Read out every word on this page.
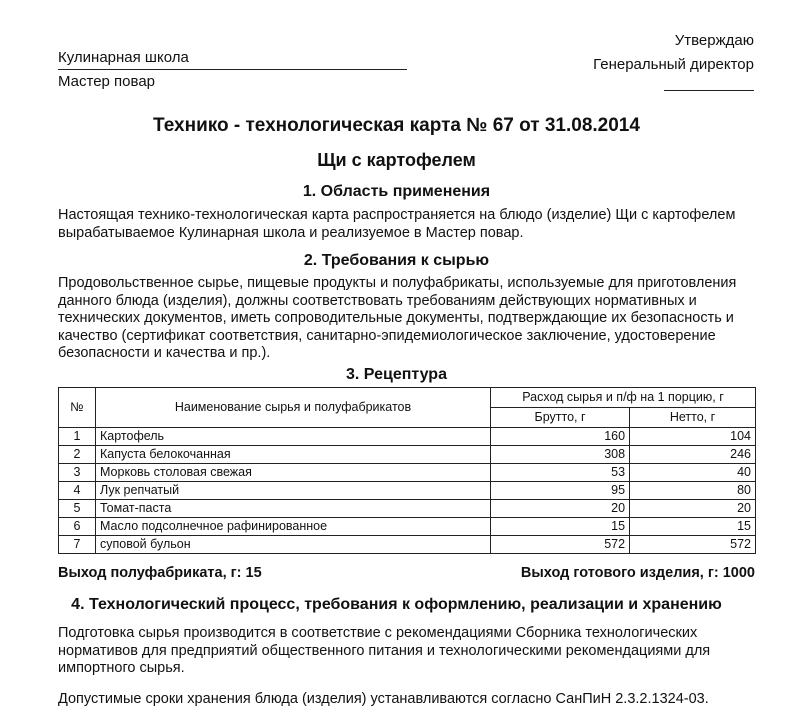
Кулинарная школа
Мастер повар
Утверждаю
Генеральный директор
Технико - технологическая карта № 67 от 31.08.2014
Щи с картофелем
1. Область применения
Настоящая технико-технологическая карта распространяется на блюдо (изделие) Щи с картофелем вырабатываемое Кулинарная школа и реализуемое в Мастер повар.
2. Требования к сырью
Продовольственное сырье, пищевые продукты и полуфабрикаты, используемые для приготовления данного блюда (изделия), должны соответствовать требованиям действующих нормативных и технических документов, иметь сопроводительные документы, подтверждающие их безопасность и качество (сертификат соответствия, санитарно-эпидемиологическое заключение, удостоверение безопасности и качества и пр.).
3. Рецептура
№	Наименование сырья и полуфабрикатов	Расход сырья и п/ф на 1 порцию, г	
		Брутто, г	Нетто, г
1	Картофель	160	104
2	Капуста белокочанная	308	246
3	Морковь столовая свежая	53	40
4	Лук репчатый	95	80
5	Томат-паста	20	20
6	Масло подсолнечное рафинированное	15	15
7	суповой бульон	572	572
Выход полуфабриката, г: 15	Выход готового изделия, г: 1000
4. Технологический процесс, требования к оформлению, реализации и хранению
Подготовка сырья производится в соответствие с рекомендациями Сборника технологических нормативов для предприятий общественного питания и технологическими рекомендациями для импортного сырья.
Допустимые сроки хранения блюда (изделия) устанавливаются согласно СанПиН 2.3.2.1324-03.
